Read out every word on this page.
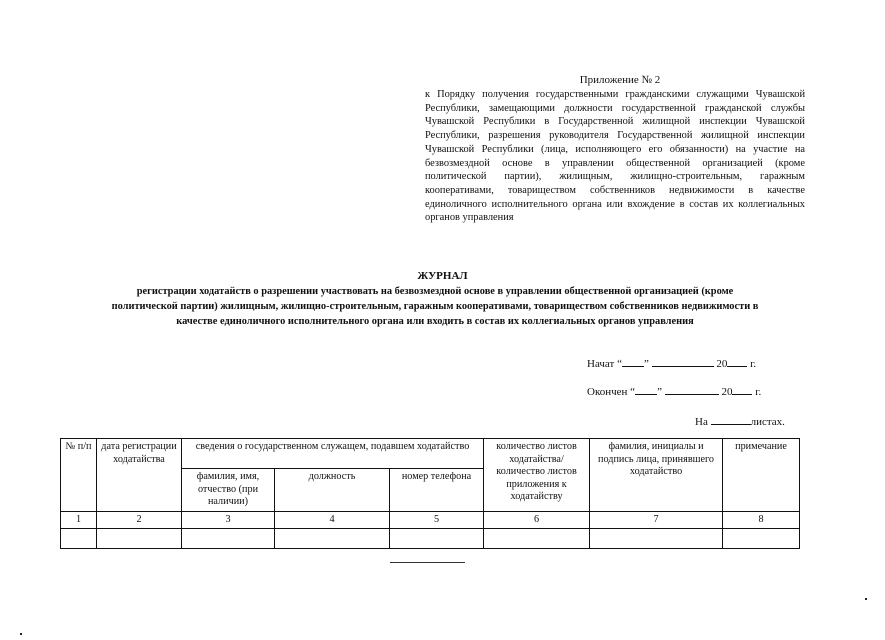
Приложение № 2
к Порядку получения государственными гражданскими служащими Чувашской Республики, замещающими должности государственной гражданской службы Чувашской Республики в Государственной жилищной инспекции Чувашской Республики, разрешения руководителя Государственной жилищной инспекции Чувашской Республики (лица, исполняющего его обязанности) на участие на безвозмездной основе в управлении общественной организацией (кроме политической партии), жилищным, жилищно-строительным, гаражным кооперативами, товариществом собственников недвижимости в качестве единоличного исполнительного органа или вхождение в состав их коллегиальных органов управления
ЖУРНАЛ
регистрации ходатайств о разрешении участвовать на безвозмездной основе в управлении общественной организацией (кроме политической партии) жилищным, жилищно-строительным, гаражным кооперативами, товариществом собственников недвижимости в качестве единоличного исполнительного органа или входить в состав их коллегиальных органов управления
Начат “ ”	20 г.
Окончен “ ”	20 г.
На	листах.
№ п/п	дата регистрации ходатайства	сведения о государственном служащем, подавшем ходатайство			количество листов ходатайства/ количество листов приложения к ходатайству	фамилия, инициалы и подпись лица, принявшего ходатайство	примечание
		фамилия, имя, отчество (при наличии)	должность	номер телефона			
1	2	3	4	5	6	7	8
